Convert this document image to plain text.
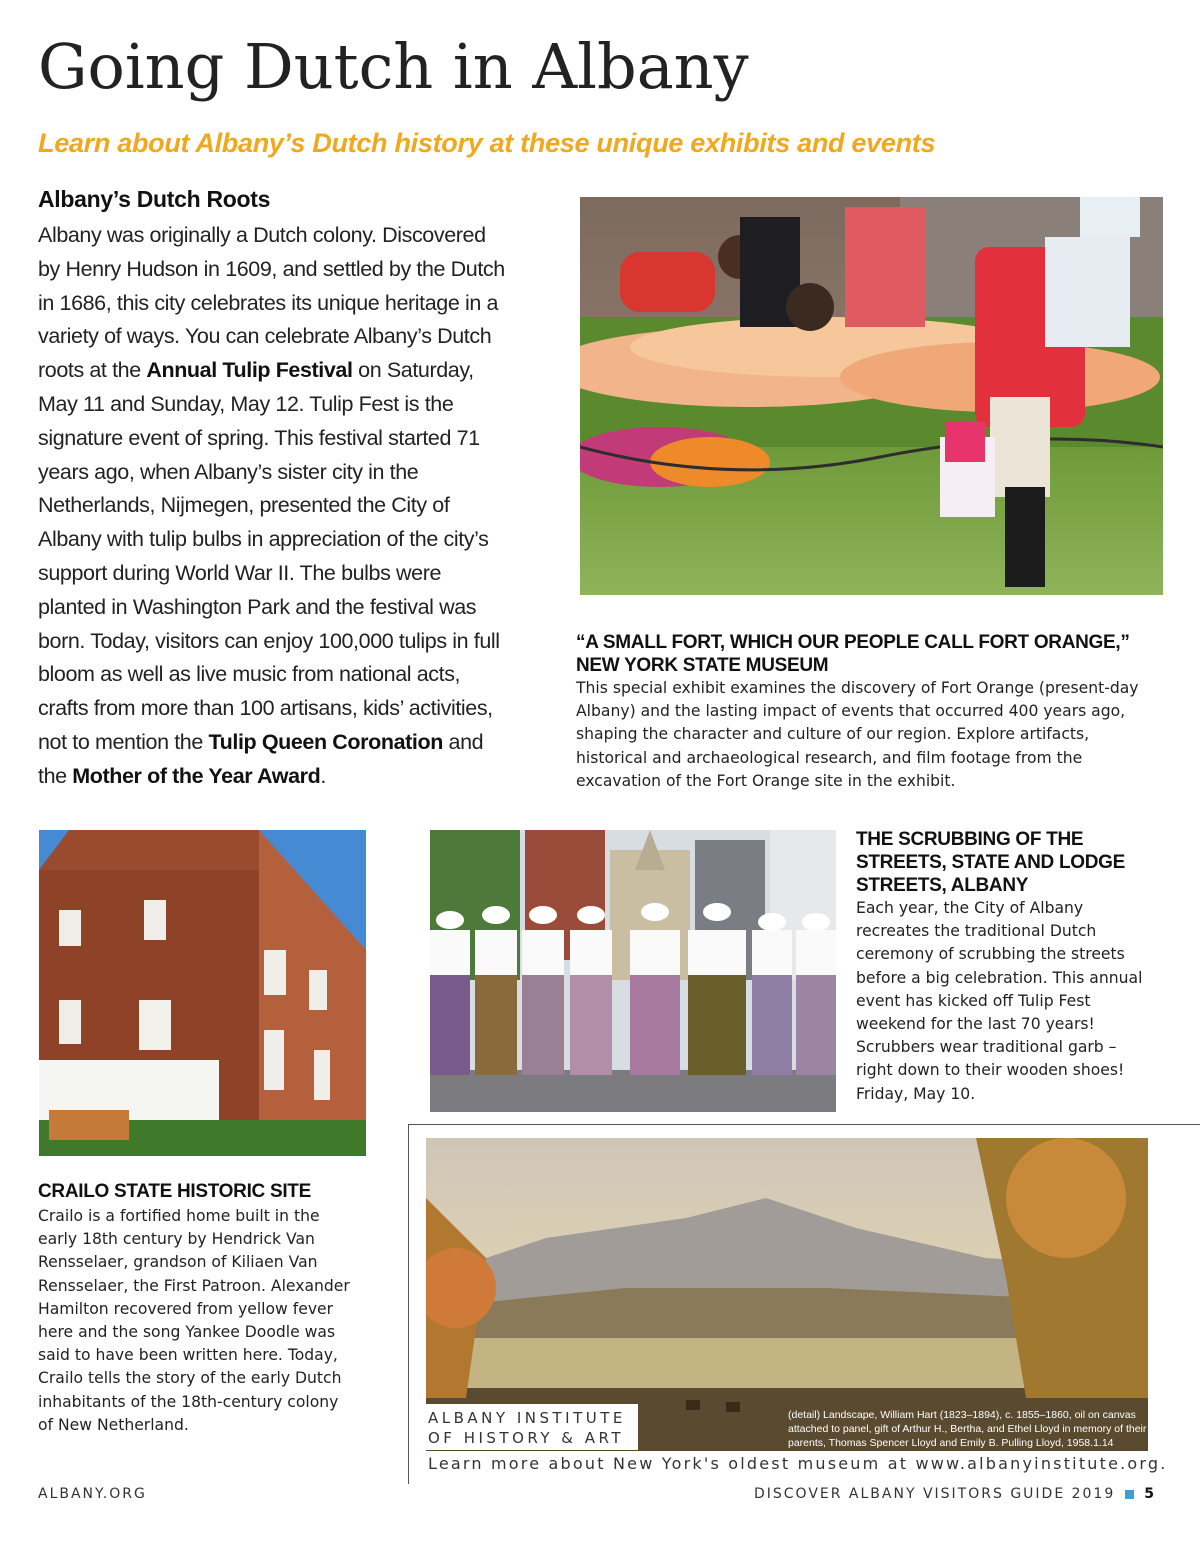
Going Dutch in Albany
Learn about Albany’s Dutch history at these unique exhibits and events
Albany’s Dutch Roots

Albany was originally a Dutch colony. Discovered by Henry Hudson in 1609, and settled by the Dutch in 1686, this city celebrates its unique heritage in a variety of ways. You can celebrate Albany’s Dutch roots at the Annual Tulip Festival on Saturday, May 11 and Sunday, May 12. Tulip Fest is the signature event of spring. This festival started 71 years ago, when Albany’s sister city in the Netherlands, Nijmegen, presented the City of Albany with tulip bulbs in appreciation of the city’s support during World War II. The bulbs were planted in Washington Park and the festival was born. Today, visitors can enjoy 100,000 tulips in full bloom as well as live music from national acts, crafts from more than 100 artisans, kids’ activities, not to mention the Tulip Queen Coronation and the Mother of the Year Award.

“A SMALL FORT, WHICH OUR PEOPLE CALL FORT ORANGE,”
NEW YORK STATE MUSEUM
This special exhibit examines the discovery of Fort Orange (present-day Albany) and the lasting impact of events that occurred 400 years ago, shaping the character and culture of our region. Explore artifacts, historical and archaeological research, and film footage from the excavation of the Fort Orange site in the exhibit.
THE SCRUBBING OF THE STREETS, STATE AND LODGE STREETS, ALBANY
Each year, the City of Albany recreates the traditional Dutch ceremony of scrubbing the streets before a big celebration. This annual event has kicked off Tulip Fest weekend for the last 70 years! Scrubbers wear traditional garb – right down to their wooden shoes! Friday, May 10.
CRAILO STATE HISTORIC SITE
Crailo is a fortified home built in the early 18th century by Hendrick Van Rensselaer, grandson of Kiliaen Van Rensselaer, the First Patroon. Alexander Hamilton recovered from yellow fever here and the song Yankee Doodle was said to have been written here. Today, Crailo tells the story of the early Dutch inhabitants of the 18th-century colony of New Netherland.	ALBANY INSTITUTE
OF HISTORY & ART
(detail) Landscape, William Hart (1823–1894), c. 1855–1860, oil on canvas attached to panel, gift of Arthur H., Bertha, and Ethel Lloyd in memory of their parents, Thomas Spencer Lloyd and Emily B. Pulling Lloyd, 1958.1.14
Learn more about New York's oldest museum at www.albanyinstitute.org.
ALBANY.ORG	DISCOVER ALBANY VISITORS GUIDE 2019 5
